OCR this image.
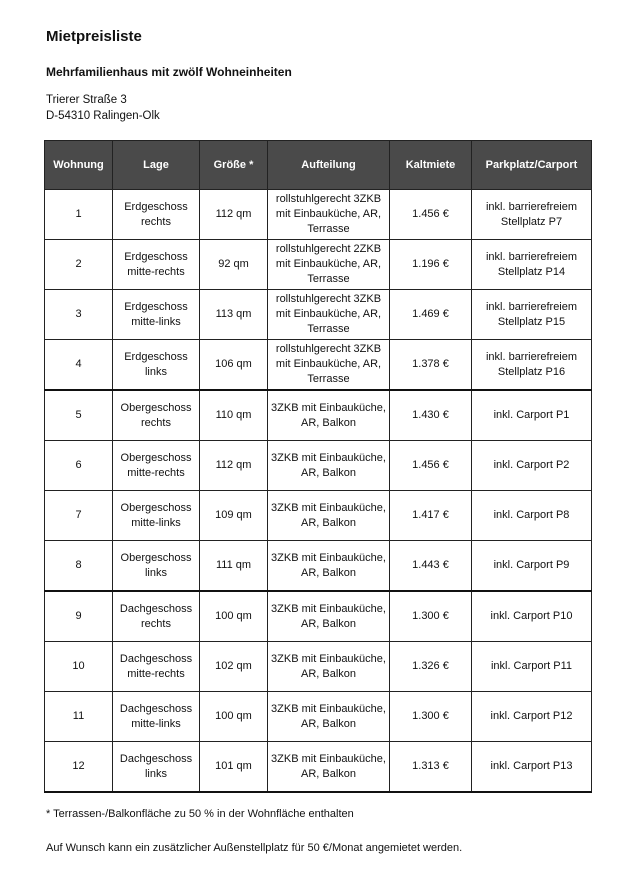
Mietpreisliste
Mehrfamilienhaus mit zwölf Wohneinheiten
Trierer Straße 3
D-54310 Ralingen-Olk
Wohnung	Lage	Größe *	Aufteilung	Kaltmiete	Parkplatz/Carport
1	Erdgeschoss rechts	112 qm	rollstuhlgerecht 3ZKB mit Einbauküche, AR, Terrasse	1.456 €	inkl. barrierefreiem Stellplatz P7
2	Erdgeschoss mitte-rechts	92 qm	rollstuhlgerecht 2ZKB mit Einbauküche, AR, Terrasse	1.196 €	inkl. barrierefreiem Stellplatz P14
3	Erdgeschoss mitte-links	113 qm	rollstuhlgerecht 3ZKB mit Einbauküche, AR, Terrasse	1.469 €	inkl. barrierefreiem Stellplatz P15
4	Erdgeschoss links	106 qm	rollstuhlgerecht 3ZKB mit Einbauküche, AR, Terrasse	1.378 €	inkl. barrierefreiem Stellplatz P16
5	Obergeschoss rechts	110 qm	3ZKB mit Einbauküche, AR, Balkon	1.430 €	inkl. Carport P1
6	Obergeschoss mitte-rechts	112 qm	3ZKB mit Einbauküche, AR, Balkon	1.456 €	inkl. Carport P2
7	Obergeschoss mitte-links	109 qm	3ZKB mit Einbauküche, AR, Balkon	1.417 €	inkl. Carport P8
8	Obergeschoss links	111 qm	3ZKB mit Einbauküche, AR, Balkon	1.443 €	inkl. Carport P9
9	Dachgeschoss rechts	100 qm	3ZKB mit Einbauküche, AR, Balkon	1.300 €	inkl. Carport P10
10	Dachgeschoss mitte-rechts	102 qm	3ZKB mit Einbauküche, AR, Balkon	1.326 €	inkl. Carport P11
11	Dachgeschoss mitte-links	100 qm	3ZKB mit Einbauküche, AR, Balkon	1.300 €	inkl. Carport P12
12	Dachgeschoss links	101 qm	3ZKB mit Einbauküche, AR, Balkon	1.313 €	inkl. Carport P13
* Terrassen-/Balkonfläche zu 50 % in der Wohnfläche enthalten
Auf Wunsch kann ein zusätzlicher Außenstellplatz für 50 €/Monat angemietet werden.
